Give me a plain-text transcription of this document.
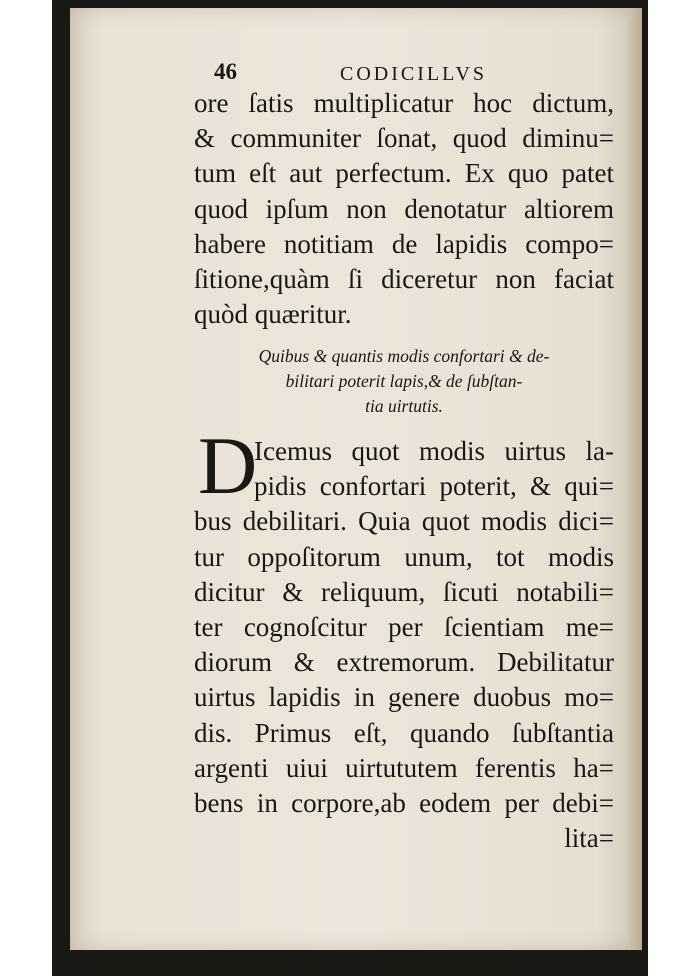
46	CODICILLVS
ore ſatis multiplicatur hoc dictum,
& communiter ſonat, quod diminu=
tum eſt aut perfectum. Ex quo patet
quod ipſum non denotatur altiorem
habere notitiam de lapidis compo=
ſitione,quàm ſi diceretur non faciat
quòd quæritur.
Quibus & quantis modis confortari & de-
bilitari poterit lapis,& de ſubſtan-
tia uirtutis.
D
Icemus quot modis uirtus la-
pidis confortari poterit, & qui=
bus debilitari. Quia quot modis dici=
tur oppoſitorum unum, tot modis
dicitur & reliquum, ſicuti notabili=
ter cognoſcitur per ſcientiam me=
diorum & extremorum. Debilitatur
uirtus lapidis in genere duobus mo=
dis. Primus eſt, quando ſubſtantia
argenti uiui uirtututem ferentis ha=
bens in corpore,ab eodem per debi=
lita=
